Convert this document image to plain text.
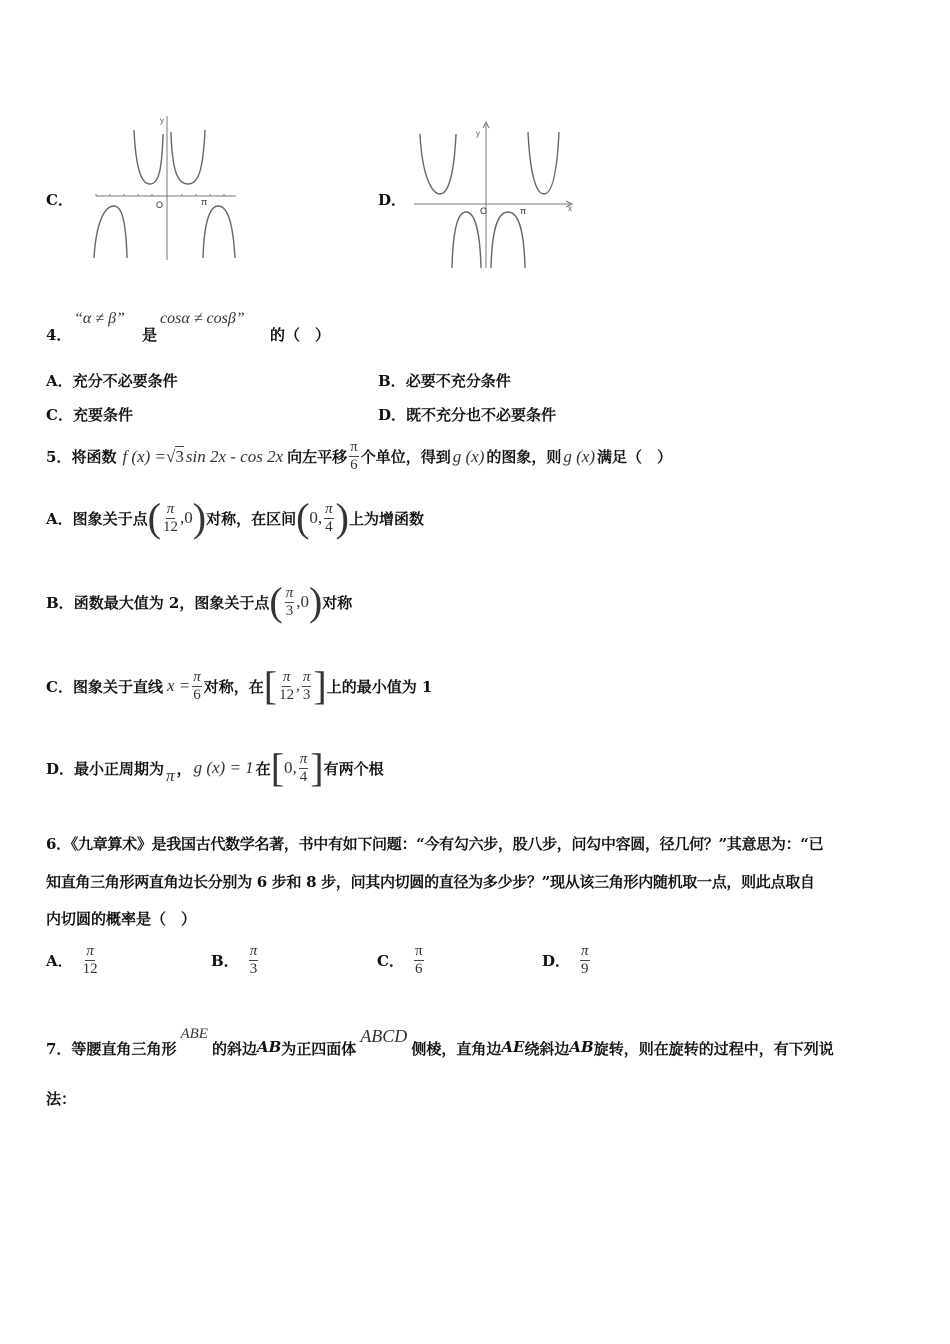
C．
y
O	π	D．
y
x
O	π
4．
“α ≠ β”
是
cosα ≠ cosβ”
的（　）
A．充分不必要条件	B．必要不充分条件
C．充要条件	D．既不充分也不必要条件
5． 将函数 f (x) = √ 3 sin 2x - cos 2x 向左平移 $\frac{\pi}{6}$ 个单位，得到 g (x) 的图象，则 g (x) 满足（　）
A． 图象关于点 ( $\frac{\pi}{12} ,0$ ) 对称，在区间 ( 0, $\frac{\pi}{4}$ ) 上为增函数
B． 函数最大值为 2，图象关于点 ( $\frac{\pi}{3} ,0$ ) 对称
C． 图象关于直线 $x = \frac{\pi}{6}$ 对称，在 [ $\frac{\pi}{12}$ , $\frac{\pi}{3}$ ] 上的最小值为 1
D． 最小正周期为 π ， g (x) = 1 在 [ 0, $\frac{\pi}{4}$ ] 有两个根
6．《九章算术》是我国古代数学名著，书中有如下问题：“今有勾六步，股八步，问勾中容圆，径几何？”其意思为：“已
知直角三角形两直角边长分别为 6 步和 8 步，问其内切圆的直径为多少步？”现从该三角形内随机取一点，则此点取自
内切圆的概率是（　）
A． $\frac{\pi}{12}$	B． $\frac{\pi}{3}$	C． $\frac{\pi}{6}$	D． $\frac{\pi}{9}$
7．等腰直角三角形
ABE
的斜边 AB 为正四面体
ABCD
侧棱，直角边 AE 绕斜边 AB 旋转，则在旋转的过程中，有下列说
法：
